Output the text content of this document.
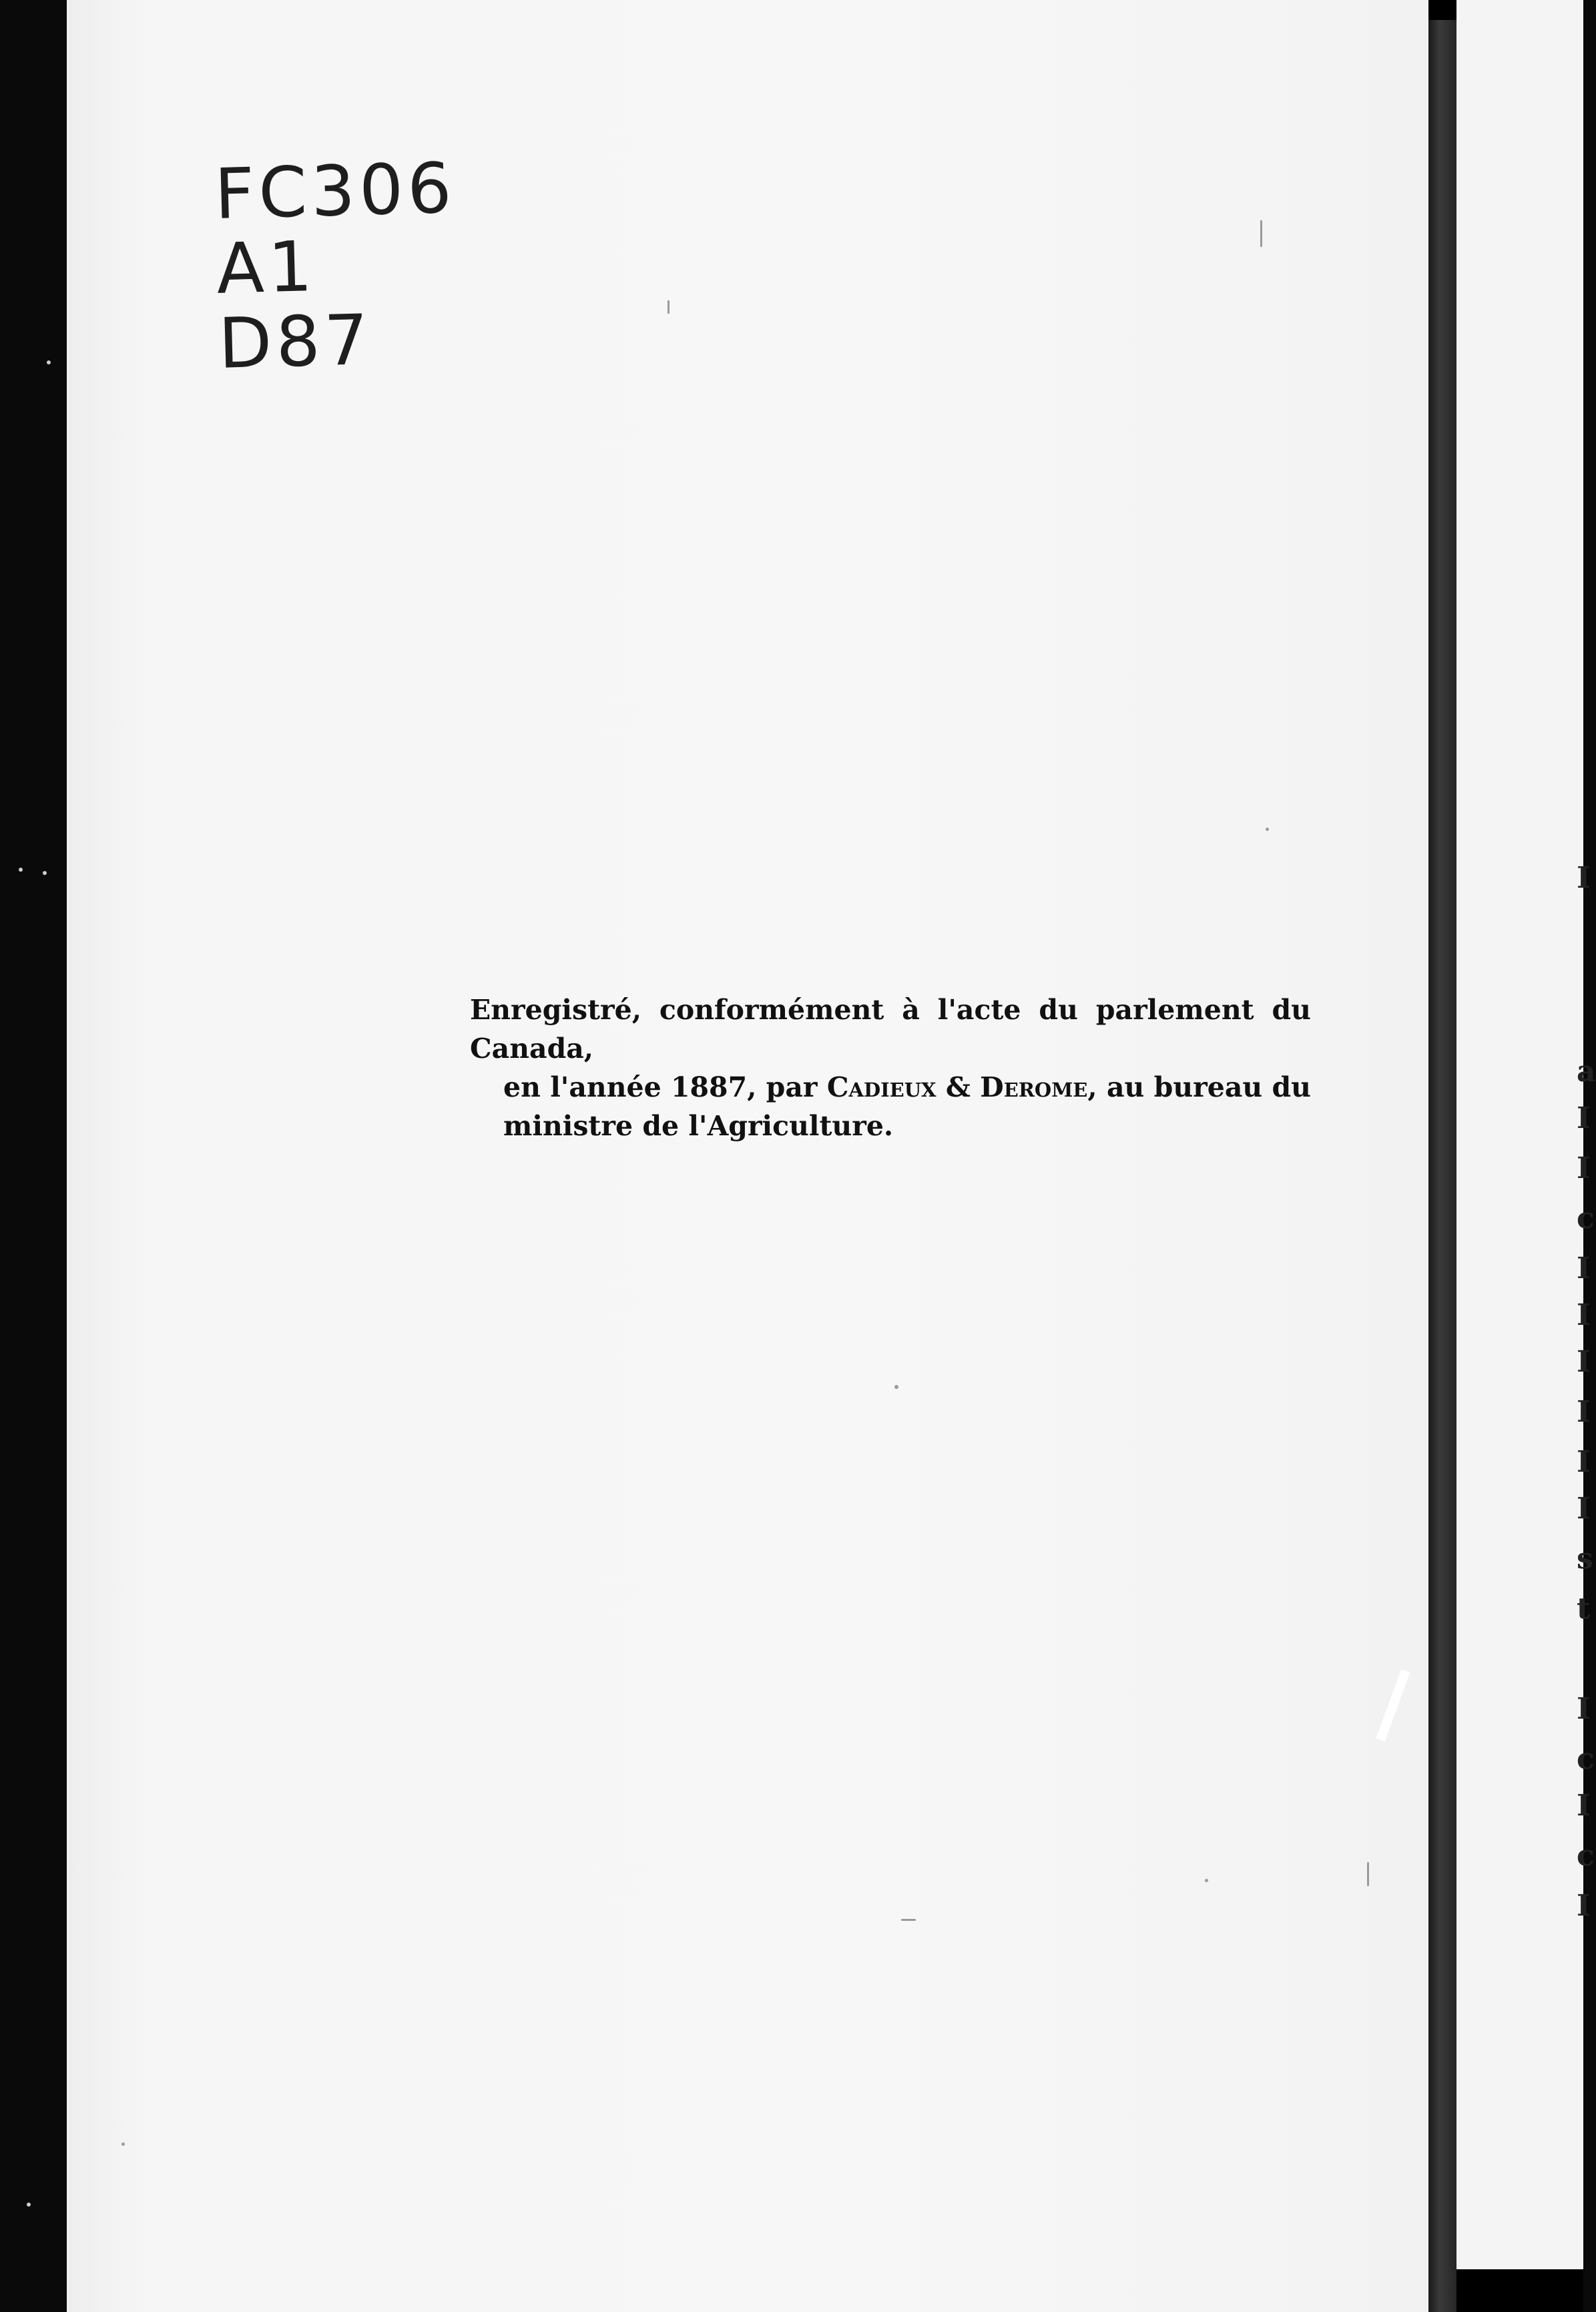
FC306
A1
D87

Enregistré, conformément à l'acte du parlement du Canada,

en l'année 1887, par Cadieux & Derome, au bureau du

ministre de l'Agriculture.

I
a
I
I
c
I
I
I
I
I
I
s
t
I
c
I
c
I
